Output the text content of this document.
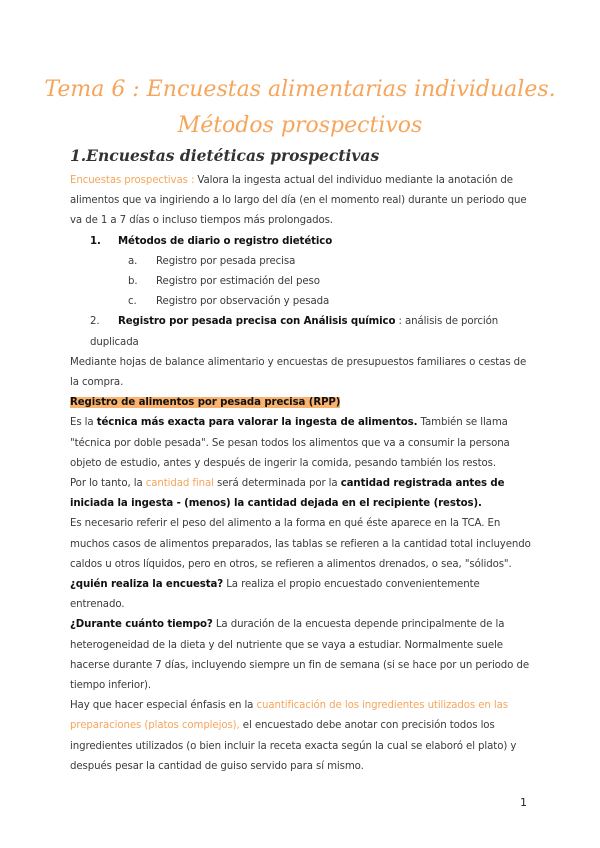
Tema 6 : Encuestas alimentarias individuales. Métodos prospectivos
1.Encuestas dietéticas prospectivas

Encuestas prospectivas : Valora la ingesta actual del individuo mediante la anotación de alimentos que va ingiriendo a lo largo del día (en el momento real) durante un periodo que va de 1 a 7 días o incluso tiempos más prolongados.

1. Métodos de diario o registro dietético

a. Registro por pesada precisa

b. Registro por estimación del peso

c. Registro por observación y pesada

2. Registro por pesada precisa con Análisis químico : análisis de porción duplicada

Mediante hojas de balance alimentario y encuestas de presupuestos familiares o cestas de la compra.

Registro de alimentos por pesada precisa (RPP)

Es la técnica más exacta para valorar la ingesta de alimentos. También se llama "técnica por doble pesada". Se pesan todos los alimentos que va a consumir la persona objeto de estudio, antes y después de ingerir la comida, pesando también los restos.

Por lo tanto, la cantidad final será determinada por la cantidad registrada antes de iniciada la ingesta - (menos) la cantidad dejada en el recipiente (restos).

Es necesario referir el peso del alimento a la forma en qué éste aparece en la TCA. En muchos casos de alimentos preparados, las tablas se refieren a la cantidad total incluyendo caldos u otros líquidos, pero en otros, se refieren a alimentos drenados, o sea, "sólidos".

¿quién realiza la encuesta? La realiza el propio encuestado convenientemente entrenado.

¿Durante cuánto tiempo? La duración de la encuesta depende principalmente de la heterogeneidad de la dieta y del nutriente que se vaya a estudiar. Normalmente suele hacerse durante 7 días, incluyendo siempre un fin de semana (si se hace por un periodo de tiempo inferior).

Hay que hacer especial énfasis en la cuantificación de los ingredientes utilizados en las preparaciones (platos complejos), el encuestado debe anotar con precisión todos los ingredientes utilizados (o bien incluir la receta exacta según la cual se elaboró el plato) y después pesar la cantidad de guiso servido para sí mismo.

1
